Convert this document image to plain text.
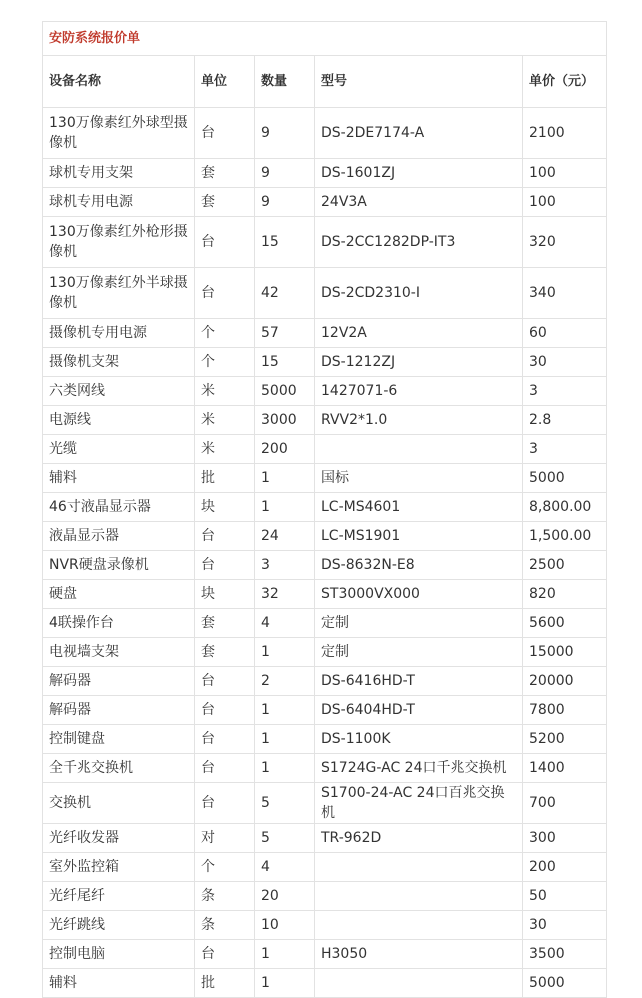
安防系统报价单				
设备名称	单位	数量	型号	单价（元）
130万像素红外球型摄像机	台	9	DS-2DE7174-A	2100
球机专用支架	套	9	DS-1601ZJ	100
球机专用电源	套	9	24V3A	100
130万像素红外枪形摄像机	台	15	DS-2CC1282DP-IT3	320
130万像素红外半球摄像机	台	42	DS-2CD2310-I	340
摄像机专用电源	个	57	12V2A	60
摄像机支架	个	15	DS-1212ZJ	30
六类网线	米	5000	1427071-6	3
电源线	米	3000	RVV2*1.0	2.8
光缆	米	200		3
辅料	批	1	国标	5000
46寸液晶显示器	块	1	LC-MS4601	8,800.00
液晶显示器	台	24	LC-MS1901	1,500.00
NVR硬盘录像机	台	3	DS-8632N-E8	2500
硬盘	块	32	ST3000VX000	820
4联操作台	套	4	定制	5600
电视墙支架	套	1	定制	15000
解码器	台	2	DS-6416HD-T	20000
解码器	台	1	DS-6404HD-T	7800
控制键盘	台	1	DS-1100K	5200
全千兆交换机	台	1	S1724G-AC 24口千兆交换机	1400
交换机	台	5	S1700-24-AC 24口百兆交换机	700
光纤收发器	对	5	TR-962D	300
室外监控箱	个	4		200
光纤尾纤	条	20		50
光纤跳线	条	10		30
控制电脑	台	1	H3050	3500
辅料	批	1		5000
